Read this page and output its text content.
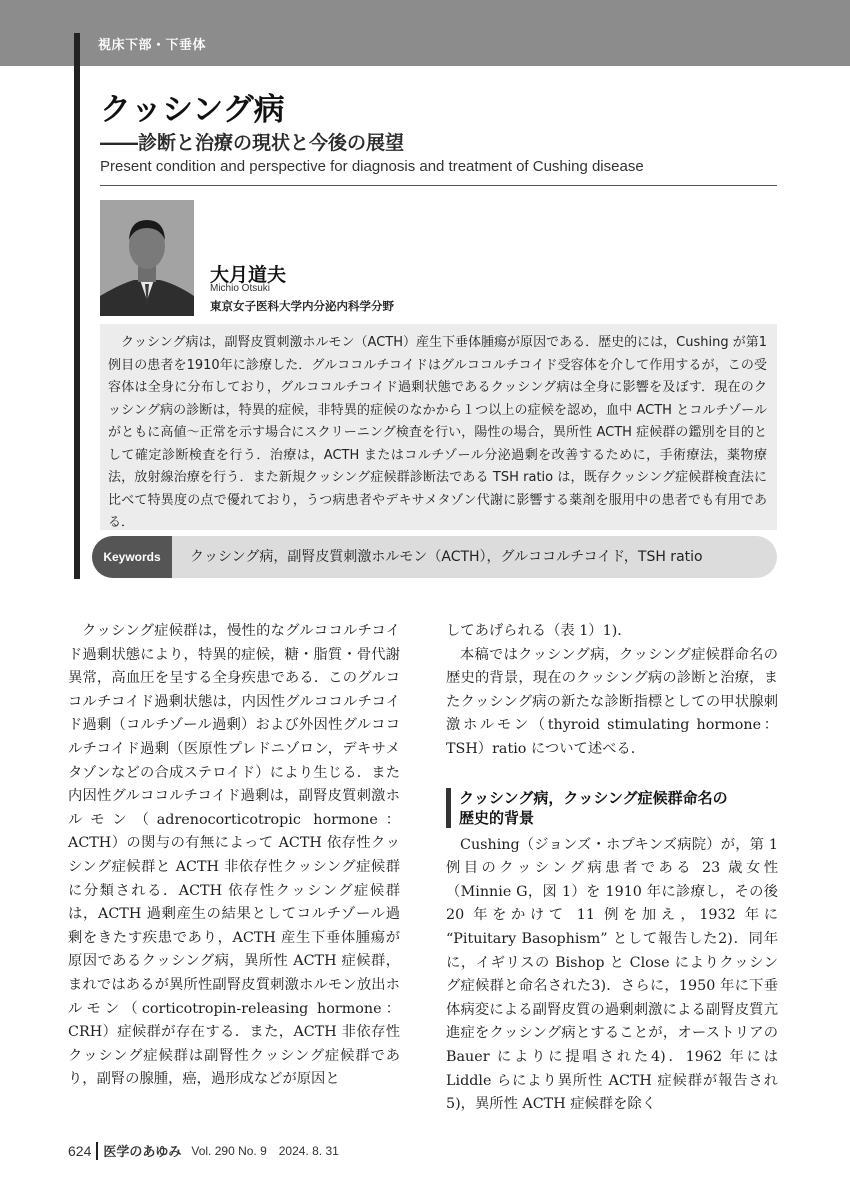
視床下部・下垂体
クッシング病
――診断と治療の現状と今後の展望

Present condition and perspective for diagnosis and treatment of Cushing disease

大月道夫
Michio Otsuki
東京女子医科大学内分泌内科学分野

クッシング病は，副腎皮質刺激ホルモン（ACTH）産生下垂体腫瘍が原因である．歴史的には，Cushing が第1例目の患者を1910年に診療した．グルココルチコイドはグルココルチコイド受容体を介して作用するが，この受容体は全身に分布しており，グルココルチコイド過剰状態であるクッシング病は全身に影響を及ぼす．現在のクッシング病の診断は，特異的症候，非特異的症候のなかから１つ以上の症候を認め，血中 ACTH とコルチゾールがともに高値～正常を示す場合にスクリーニング検査を行い，陽性の場合，異所性 ACTH 症候群の鑑別を目的として確定診断検査を行う．治療は，ACTH またはコルチゾール分泌過剰を改善するために，手術療法，薬物療法，放射線治療を行う．また新規クッシング症候群診断法である TSH ratio は，既存クッシング症候群検査法に比べて特異度の点で優れており，うつ病患者やデキサメタゾン代謝に影響する薬剤を服用中の患者でも有用である．

Keywords	クッシング病，副腎皮質刺激ホルモン（ACTH），グルココルチコイド，TSH ratio

クッシング症候群は，慢性的なグルココルチコイド過剰状態により，特異的症候，糖・脂質・骨代謝異常，高血圧を呈する全身疾患である．このグルココルチコイド過剰状態は，内因性グルココルチコイド過剰（コルチゾール過剰）および外因性グルココルチコイド過剰（医原性プレドニゾロン，デキサメタゾンなどの合成ステロイド）により生じる．また内因性グルココルチコイド過剰は，副腎皮質刺激ホルモン（adrenocorticotropic hormone：ACTH）の関与の有無によって ACTH 依存性クッシング症候群と ACTH 非依存性クッシング症候群に分類される．ACTH 依存性クッシング症候群は，ACTH 過剰産生の結果としてコルチゾール過剰をきたす疾患であり，ACTH 産生下垂体腫瘍が原因であるクッシング病，異所性 ACTH 症候群，まれではあるが異所性副腎皮質刺激ホルモン放出ホルモン（corticotropin-releasing hormone：CRH）症候群が存在する．また，ACTH 非依存性クッシング症候群は副腎性クッシング症候群であり，副腎の腺腫，癌，過形成などが原因と

してあげられる（表 1）1)．

本稿ではクッシング病，クッシング症候群命名の歴史的背景，現在のクッシング病の診断と治療，またクッシング病の新たな診断指標としての甲状腺刺激ホルモン（thyroid stimulating hormone：TSH）ratio について述べる．

クッシング病，クッシング症候群命名の
歴史的背景

Cushing（ジョンズ・ホプキンズ病院）が，第 1 例目のクッシング病患者である 23 歳女性（Minnie G，図 1）を 1910 年に診療し，その後 20 年をかけて 11 例を加え，1932 年に “Pituitary Basophism” として報告した2)．同年に，イギリスの Bishop と Close によりクッシング症候群と命名された3)．さらに，1950 年に下垂体病変による副腎皮質の過剰刺激による副腎皮質亢進症をクッシング病とすることが，オーストリアの Bauer によりに提唱された4)．1962 年には Liddle らにより異所性 ACTH 症候群が報告され5)，異所性 ACTH 症候群を除く

624 医学のあゆみ Vol. 290 No. 9　2024. 8. 31
